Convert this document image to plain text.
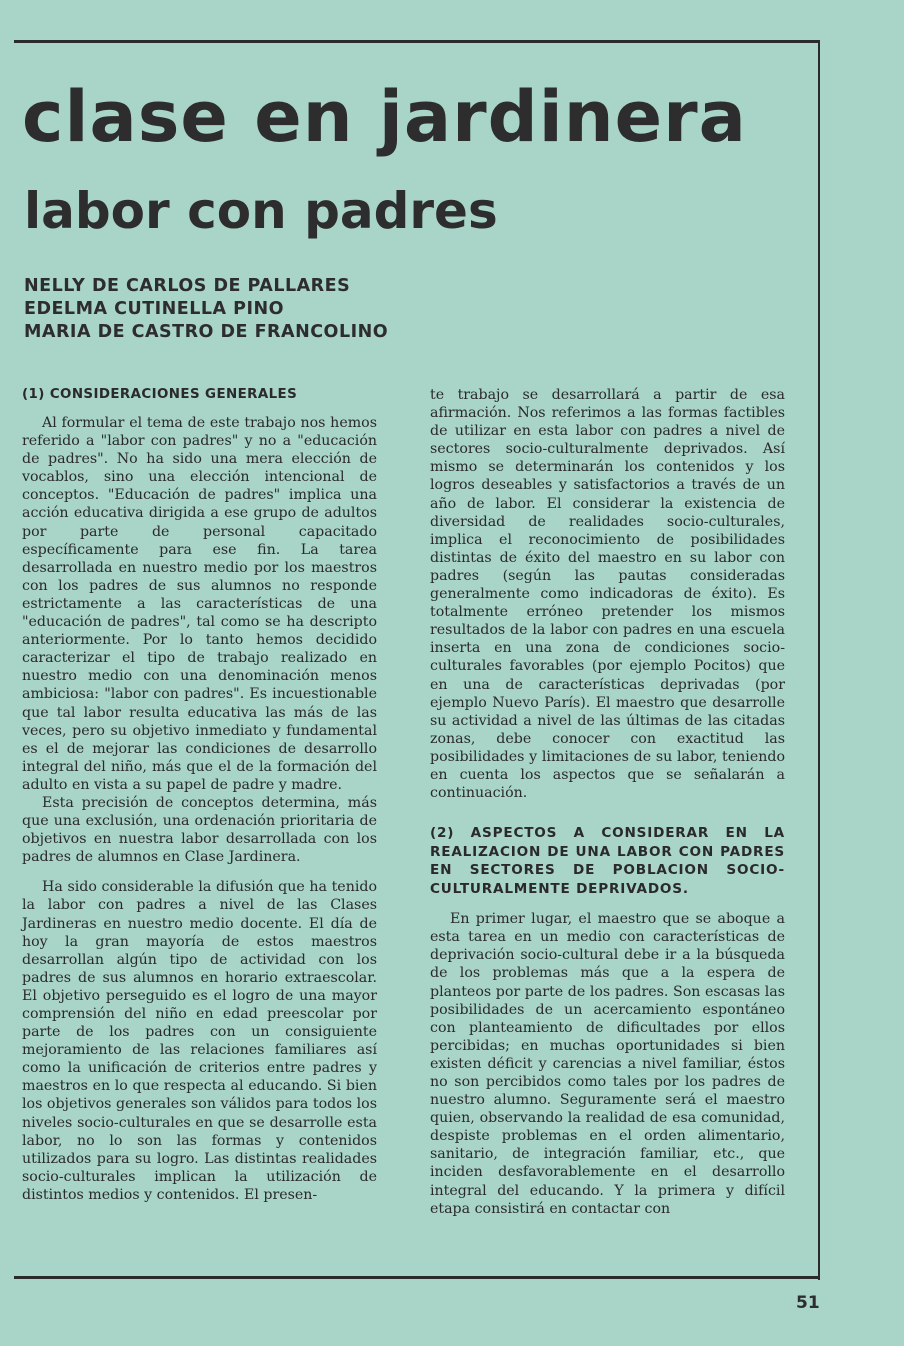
clase en jardinera
labor con padres
NELLY DE CARLOS DE PALLARES
EDELMA CUTINELLA PINO
MARIA DE CASTRO DE FRANCOLINO
(1) CONSIDERACIONES GENERALES

Al formular el tema de este trabajo nos hemos referido a "labor con padres" y no a "educación de padres". No ha sido una mera elección de vocablos, sino una elección intencional de conceptos. "Educación de padres" implica una acción educativa dirigida a ese grupo de adultos por parte de personal capacitado específicamente para ese fin. La tarea desarrollada en nuestro medio por los maestros con los padres de sus alumnos no responde estrictamente a las características de una "educación de padres", tal como se ha descripto anteriormente. Por lo tanto hemos decidido caracterizar el tipo de trabajo realizado en nuestro medio con una denominación menos ambiciosa: "labor con padres". Es incuestionable que tal labor resulta educativa las más de las veces, pero su objetivo inmediato y fundamental es el de mejorar las condiciones de desarrollo integral del niño, más que el de la formación del adulto en vista a su papel de padre y madre.

Esta precisión de conceptos determina, más que una exclusión, una ordenación prioritaria de objetivos en nuestra labor desarrollada con los padres de alumnos en Clase Jardinera.

Ha sido considerable la difusión que ha tenido la labor con padres a nivel de las Clases Jardineras en nuestro medio docente. El día de hoy la gran mayoría de estos maestros desarrollan algún tipo de actividad con los padres de sus alumnos en horario extraescolar. El objetivo perseguido es el logro de una mayor comprensión del niño en edad preescolar por parte de los padres con un consiguiente mejoramiento de las relaciones familiares así como la unificación de criterios entre padres y maestros en lo que respecta al educando. Si bien los objetivos generales son válidos para todos los niveles socio-culturales en que se desarrolle esta labor, no lo son las formas y contenidos utilizados para su logro. Las distintas realidades socio-culturales implican la utilización de distintos medios y contenidos. El presen-

te trabajo se desarrollará a partir de esa afirmación. Nos referimos a las formas factibles de utilizar en esta labor con padres a nivel de sectores socio-culturalmente deprivados. Así mismo se determinarán los contenidos y los logros deseables y satisfactorios a través de un año de labor. El considerar la existencia de diversidad de realidades socio-culturales, implica el reconocimiento de posibilidades distintas de éxito del maestro en su labor con padres (según las pautas consideradas generalmente como indicadoras de éxito). Es totalmente erróneo pretender los mismos resultados de la labor con padres en una escuela inserta en una zona de condiciones socio-culturales favorables (por ejemplo Pocitos) que en una de características deprivadas (por ejemplo Nuevo París). El maestro que desarrolle su actividad a nivel de las últimas de las citadas zonas, debe conocer con exactitud las posibilidades y limitaciones de su labor, teniendo en cuenta los aspectos que se señalarán a continuación.

(2) ASPECTOS A CONSIDERAR EN LA REALIZACION DE UNA LABOR CON PADRES EN SECTORES DE POBLACION SOCIO-CULTURALMENTE DEPRIVADOS.

En primer lugar, el maestro que se aboque a esta tarea en un medio con características de deprivación socio-cultural debe ir a la búsqueda de los problemas más que a la espera de planteos por parte de los padres. Son escasas las posibilidades de un acercamiento espontáneo con planteamiento de dificultades por ellos percibidas; en muchas oportunidades si bien existen déficit y carencias a nivel familiar, éstos no son percibidos como tales por los padres de nuestro alumno. Seguramente será el maestro quien, observando la realidad de esa comunidad, despiste problemas en el orden alimentario, sanitario, de integración familiar, etc., que inciden desfavorablemente en el desarrollo integral del educando. Y la primera y difícil etapa consistirá en contactar con

51
